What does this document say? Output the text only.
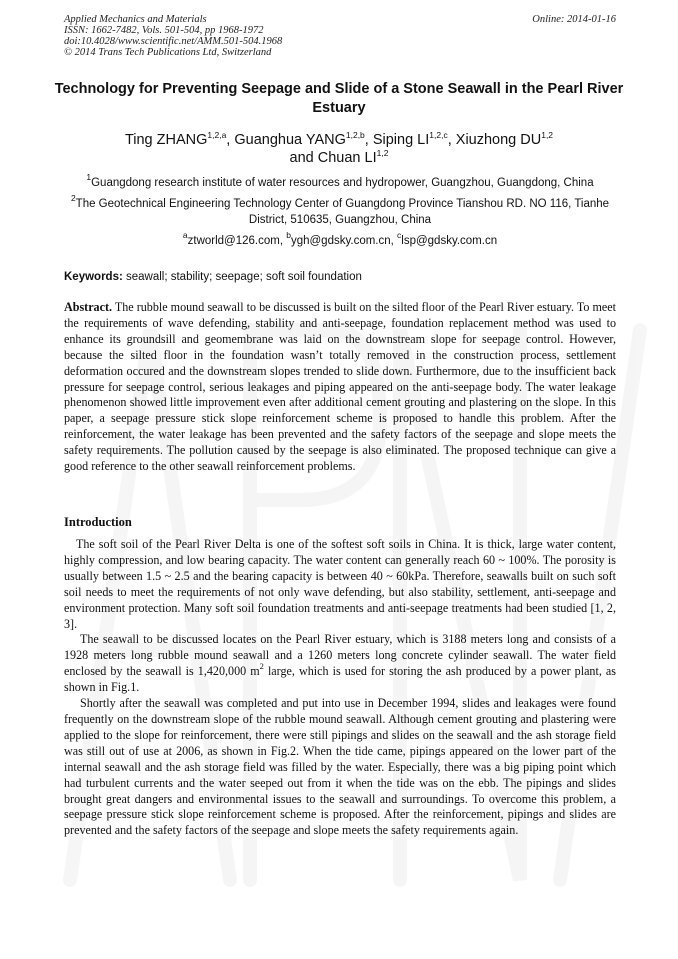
Applied Mechanics and Materials
ISSN: 1662-7482, Vols. 501-504, pp 1968-1972
doi:10.4028/www.scientific.net/AMM.501-504.1968
© 2014 Trans Tech Publications Ltd, Switzerland
Online: 2014-01-16
Technology for Preventing Seepage and Slide of a Stone Seawall in the Pearl River Estuary
Ting ZHANG$^{1,2,a}$, Guanghua YANG$^{1,2,b}$, Siping LI$^{1,2,c}$, Xiuzhong DU$^{1,2}$
and Chuan LI$^{1,2}$
$^1$Guangdong research institute of water resources and hydropower, Guangzhou, Guangdong, China
$^2$The Geotechnical Engineering Technology Center of Guangdong Province Tianshou RD. NO 116, Tianhe District, 510635, Guangzhou, China
$^a$ztworld@126.com, $^b$ygh@gdsky.com.cn, $^c$lsp@gdsky.com.cn
Keywords: seawall; stability; seepage; soft soil foundation
Abstract. The rubble mound seawall to be discussed is built on the silted floor of the Pearl River estuary. To meet the requirements of wave defending, stability and anti-seepage, foundation replacement method was used to enhance its groundsill and geomembrane was laid on the downstream slope for seepage control. However, because the silted floor in the foundation wasn’t totally removed in the construction process, settlement deformation occured and the downstream slopes trended to slide down. Furthermore, due to the insufficient back pressure for seepage control, serious leakages and piping appeared on the anti-seepage body. The water leakage phenomenon showed little improvement even after additional cement grouting and plastering on the slope. In this paper, a seepage pressure stick slope reinforcement scheme is proposed to handle this problem. After the reinforcement, the water leakage has been prevented and the safety factors of the seepage and slope meets the safety requirements. The pollution caused by the seepage is also eliminated. The proposed technique can give a good reference to the other seawall reinforcement problems.
Introduction

The soft soil of the Pearl River Delta is one of the softest soft soils in China. It is thick, large water content, highly compression, and low bearing capacity. The water content can generally reach 60 ~ 100%. The porosity is usually between 1.5 ~ 2.5 and the bearing capacity is between 40 ~ 60kPa. Therefore, seawalls built on such soft soil needs to meet the requirements of not only wave defending, but also stability, settlement, anti-seepage and environment protection. Many soft soil foundation treatments and anti-seepage treatments had been studied [1, 2, 3].

The seawall to be discussed locates on the Pearl River estuary, which is 3188 meters long and consists of a 1928 meters long rubble mound seawall and a 1260 meters long concrete cylinder seawall. The water field enclosed by the seawall is 1,420,000 $m^2$ large, which is used for storing the ash produced by a power plant, as shown in Fig.1.

Shortly after the seawall was completed and put into use in December 1994, slides and leakages were found frequently on the downstream slope of the rubble mound seawall. Although cement grouting and plastering were applied to the slope for reinforcement, there were still pipings and slides on the seawall and the ash storage field was still out of use at 2006, as shown in Fig.2. When the tide came, pipings appeared on the lower part of the internal seawall and the ash storage field was filled by the water. Especially, there was a big piping point which had turbulent currents and the water seeped out from it when the tide was on the ebb. The pipings and slides brought great dangers and environmental issues to the seawall and surroundings. To overcome this problem, a seepage pressure stick slope reinforcement scheme is proposed. After the reinforcement, pipings and slides are prevented and the safety factors of the seepage and slope meets the safety requirements again.
